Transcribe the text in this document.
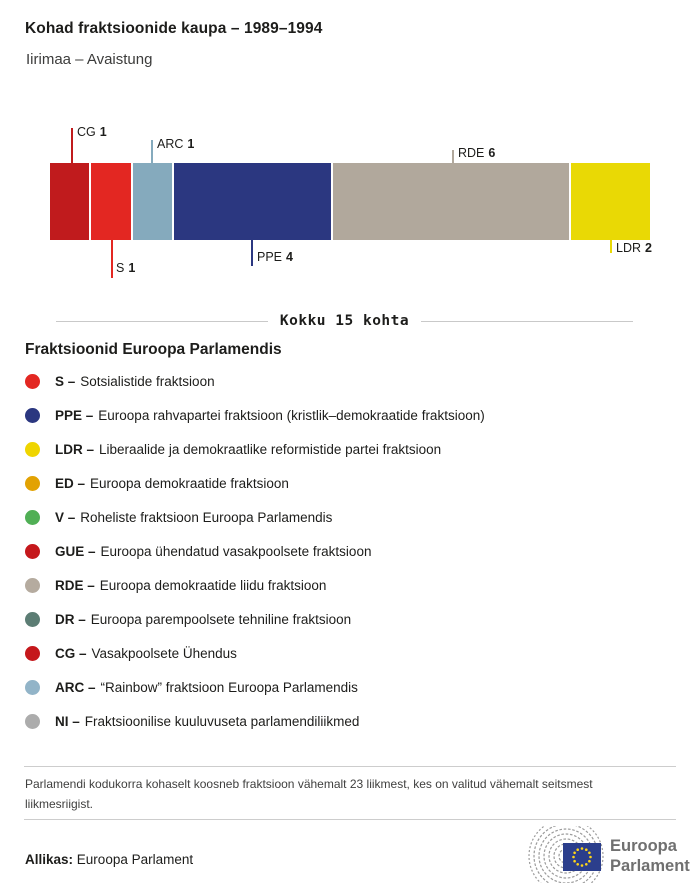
Kohad fraktsioonide kaupa – 1989–1994
Iirimaa – Avaistung
CG 1
S 1
ARC 1
PPE 4
RDE 6
LDR 2
Kokku 15 kohta
Fraktsioonid Euroopa Parlamendis
S – Sotsialistide fraktsioon
PPE – Euroopa rahvapartei fraktsioon (kristlik–demokraatide fraktsioon)
LDR – Liberaalide ja demokraatlike reformistide partei fraktsioon
ED – Euroopa demokraatide fraktsioon
V – Roheliste fraktsioon Euroopa Parlamendis
GUE – Euroopa ühendatud vasakpoolsete fraktsioon
RDE – Euroopa demokraatide liidu fraktsioon
DR – Euroopa parempoolsete tehniline fraktsioon
CG – Vasakpoolsete Ühendus
ARC – “Rainbow” fraktsioon Euroopa Parlamendis
NI – Fraktsioonilise kuuluvuseta parlamendiliikmed

Parlamendi kodukorra kohaselt koosneb fraktsioon vähemalt 23 liikmest, kes on valitud vähemalt seitsmest liikmesriigist.

Allikas: Euroopa Parlament
Euroopa
Parlament
